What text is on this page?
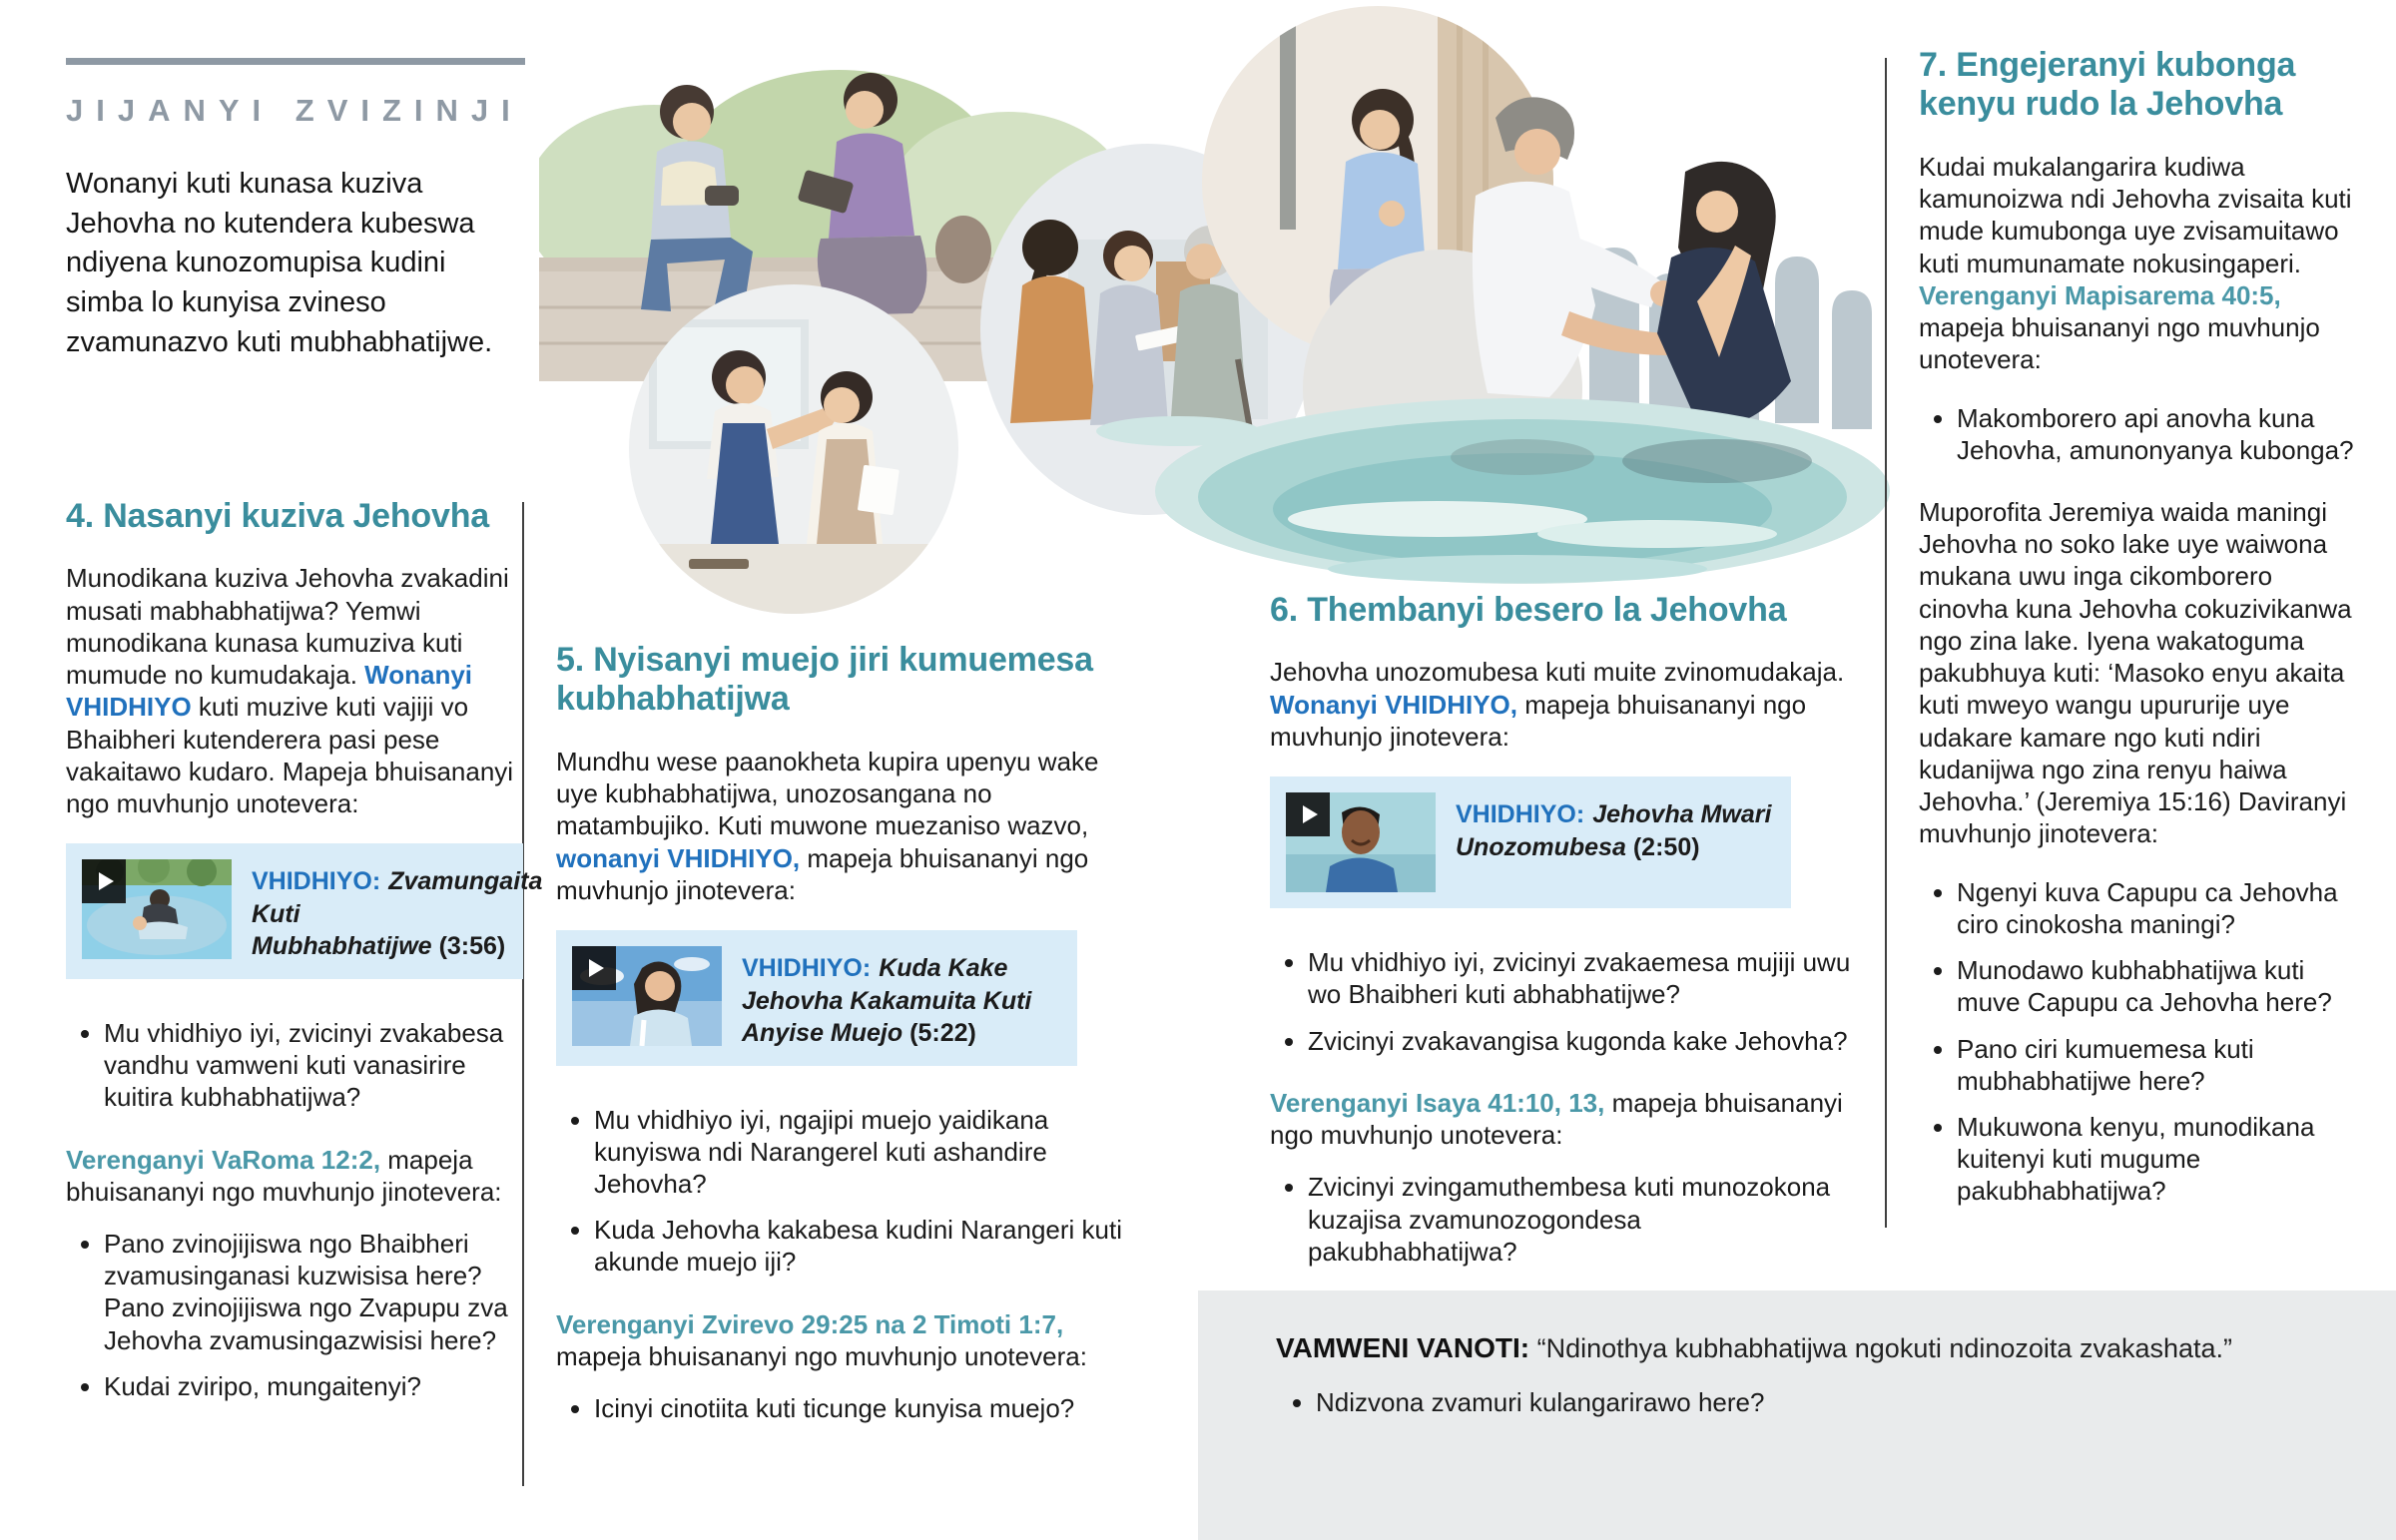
JIJANYI ZVIZINJI

Wonanyi kuti kunasa kuziva Jehovha no kutendera kubeswa ndiyena kunozomupisa kudini simba lo kunyisa zvineso zvamunazvo kuti mubhabhatijwe.

4. Nasanyi kuziva Jehovha

Munodikana kuziva Jehovha zvakadini musati mabhabhatijwa? Yemwi munodikana kunasa kumuziva kuti mumude no kumudakaja. Wonanyi VHIDHIYO kuti muzive kuti vajiji vo Bhaibheri kutenderera pasi pese vakaitawo kudaro. Mapeja bhuisananyi ngo muvhunjo unotevera:

VHIDHIYO: Zvamungaita Kuti Mubhabhatijwe (3:56)

• Mu vhidhiyo iyi, zvicinyi zvakabesa vandhu vamweni kuti vanasirire kuitira kubhabhatijwa?

Verenganyi VaRoma 12:2, mapeja bhuisananyi ngo muvhunjo jinotevera:

• Pano zvinojijiswa ngo Bhaibheri zvamusinganasi kuzwisisa here? Pano zvinojijiswa ngo Zvapupu zva Jehovha zvamusingazwisisi here?
• Kudai zviripo, mungaitenyi?
5. Nyisanyi muejo jiri kumuemesa kubhabhatijwa

Mundhu wese paanokheta kupira upenyu wake uye kubhabhatijwa, unozosangana no matambujiko. Kuti muwone muezaniso wazvo, wonanyi VHIDHIYO, mapeja bhuisananyi ngo muvhunjo jinotevera:

VHIDHIYO: Kuda Kake Jehovha Kakamuita Kuti Anyise Muejo (5:22)

• Mu vhidhiyo iyi, ngajipi muejo yaidikana kunyiswa ndi Narangerel kuti ashandire Jehovha?
• Kuda Jehovha kakabesa kudini Narangeri kuti akunde muejo iji?

Verenganyi Zvirevo 29:25 na 2 Timoti 1:7, mapeja bhuisananyi ngo muvhunjo unotevera:

• Icinyi cinotiita kuti ticunge kunyisa muejo?
6. Thembanyi besero la Jehovha

Jehovha unozomubesa kuti muite zvinomudakaja. Wonanyi VHIDHIYO, mapeja bhuisananyi ngo muvhunjo jinotevera:

VHIDHIYO: Jehovha Mwari Unozomubesa (2:50)

• Mu vhidhiyo iyi, zvicinyi zvakaemesa mujiji uwu wo Bhaibheri kuti abhabhatijwe?
• Zvicinyi zvakavangisa kugonda kake Jehovha?

Verenganyi Isaya 41:10, 13, mapeja bhuisananyi ngo muvhunjo unotevera:

• Zvicinyi zvingamuthembesa kuti munozokona kuzajisa zvamunozogondesa pakubhabhatijwa?
7. Engejeranyi kubonga kenyu rudo la Jehovha

Kudai mukalangarira kudiwa kamunoizwa ndi Jehovha zvisaita kuti mude kumubonga uye zvisamuitawo kuti mumunamate nokusingaperi. Verenganyi Mapisarema 40:5, mapeja bhuisananyi ngo muvhunjo unotevera:

• Makomborero api anovha kuna Jehovha, amunonyanya kubonga?

Muporofita Jeremiya waida maningi Jehovha no soko lake uye waiwona mukana uwu inga cikomborero cinovha kuna Jehovha cokuzivikanwa ngo zina lake. Iyena wakatoguma pakubhuya kuti: ‘Masoko enyu akaita kuti mweyo wangu upururije uye udakare kamare ngo kuti ndiri kudanijwa ngo zina renyu haiwa Jehovha.’ (Jeremiya 15:16) Daviranyi muvhunjo jinotevera:

• Ngenyi kuva Capupu ca Jehovha ciro cinokosha maningi?
• Munodawo kubhabhatijwa kuti muve Capupu ca Jehovha here?
• Pano ciri kumuemesa kuti mubhabhatijwe here?
• Mukuwona kenyu, munodikana kuitenyi kuti mugume pakubhabhatijwa?

VAMWENI VANOTI: “Ndinothya kubhabhatijwa ngokuti ndinozoita zvakashata.”

• Ndizvona zvamuri kulangarirawo here?
